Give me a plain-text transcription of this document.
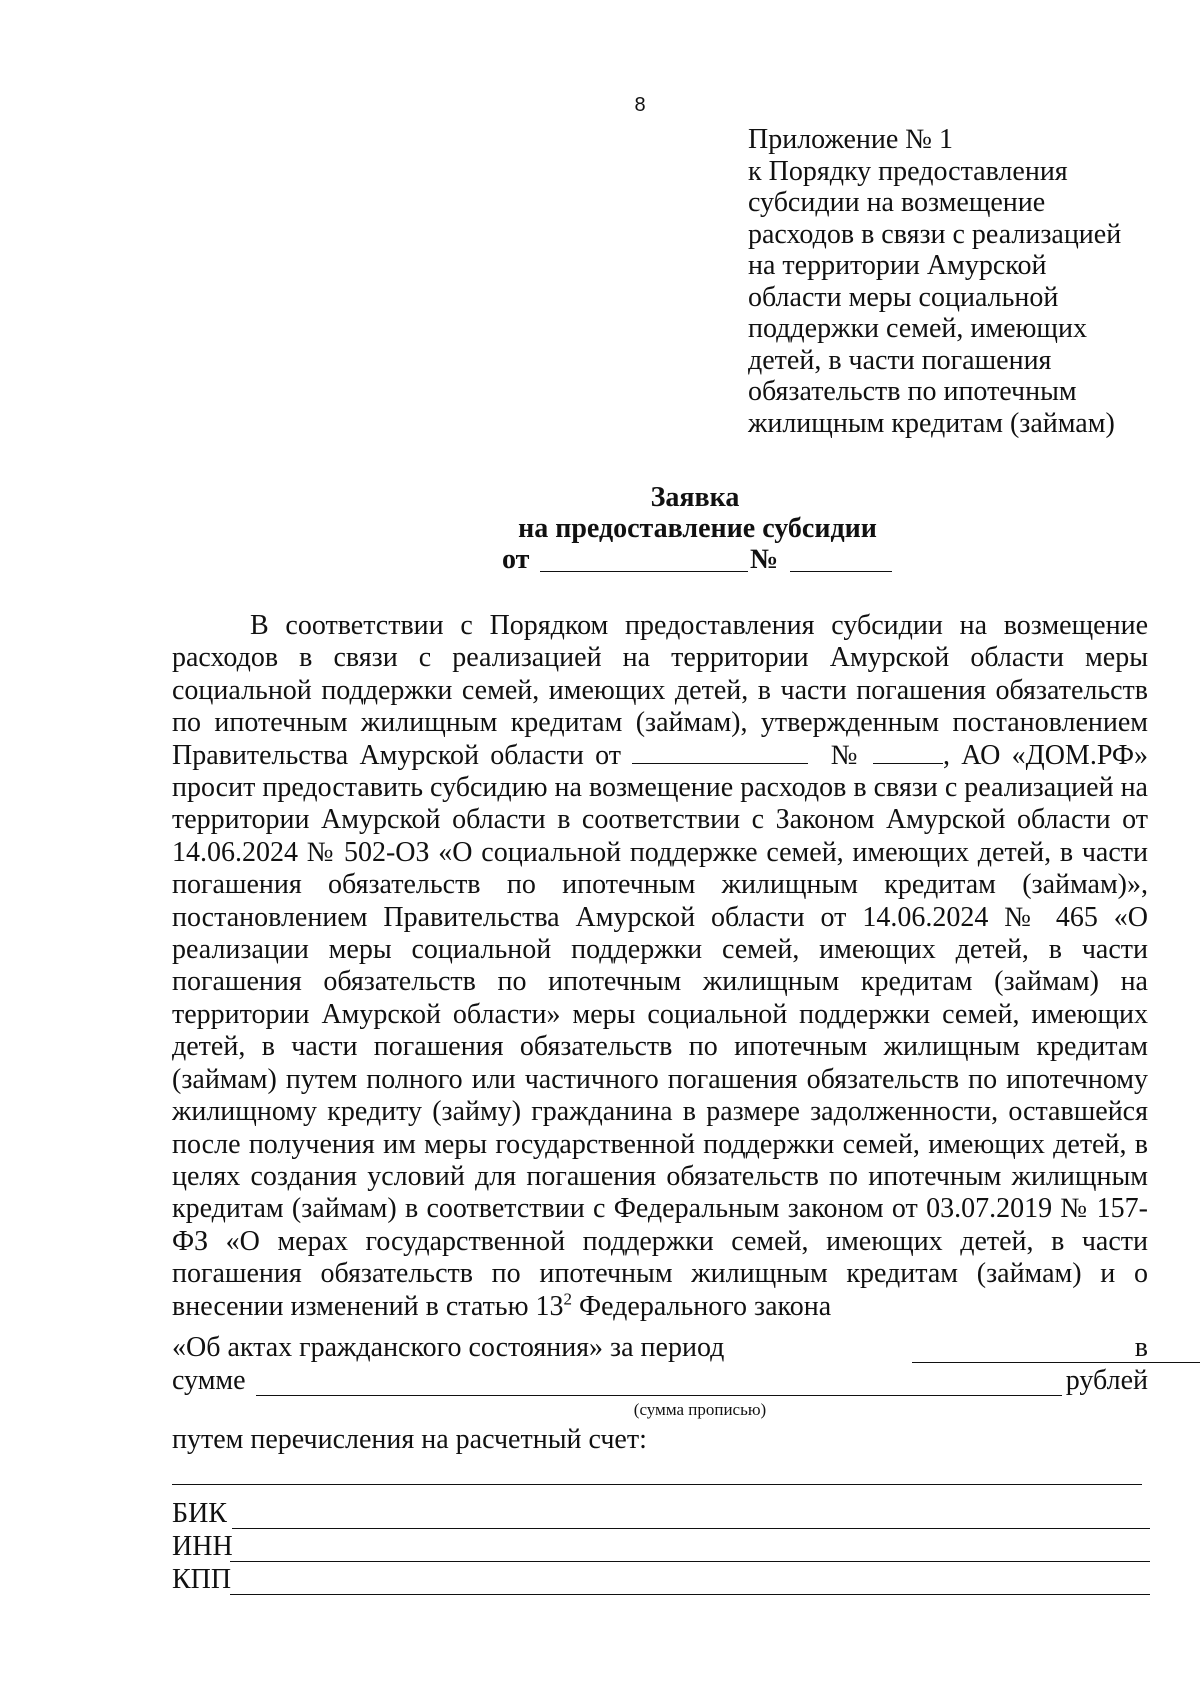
8
Приложение № 1
к Порядку предоставления
субсидии на возмещение
расходов в связи с реализацией
на территории Амурской
области меры социальной
поддержки семей, имеющих
детей, в части погашения
обязательств по ипотечным
жилищным кредитам (займам)
Заявка
на предоставление субсидии
от	№
В соответствии с Порядком предоставления субсидии на возмещение расходов в связи с реализацией на территории Амурской области меры социальной поддержки семей, имеющих детей, в части погашения обязательств по ипотечным жилищным кредитам (займам), утвержденным постановлением Правительства Амурской области от	№	, АО «ДОМ.РФ» просит предоставить субсидию на возмещение расходов в связи с реализацией на территории Амурской области в соответствии с Законом Амурской области от 14.06.2024 № 502-ОЗ «О социальной поддержке семей, имеющих детей, в части погашения обязательств по ипотечным жилищным кредитам (займам)», постановлением Правительства Амурской области от 14.06.2024 № 465 «О реализации меры социальной поддержки семей, имеющих детей, в части погашения обязательств по ипотечным жилищным кредитам (займам) на территории Амурской области» меры социальной поддержки семей, имеющих детей, в части погашения обязательств по ипотечным жилищным кредитам (займам) путем полного или частичного погашения обязательств по ипотечному жилищному кредиту (займу) гражданина в размере задолженности, оставшейся после получения им меры государственной поддержки семей, имеющих детей, в целях создания условий для погашения обязательств по ипотечным жилищным кредитам (займам) в соответствии с Федеральным законом от 03.07.2019 № 157-ФЗ «О мерах государственной поддержки семей, имеющих детей, в части погашения обязательств по ипотечным жилищным кредитам (займам) и о внесении изменений в статью $13^2$ Федерального закона
«Об актах гражданского состояния» за период	в
сумме	рублей
(сумма прописью)
путем перечисления на расчетный счет:
БИК
ИНН
КПП
